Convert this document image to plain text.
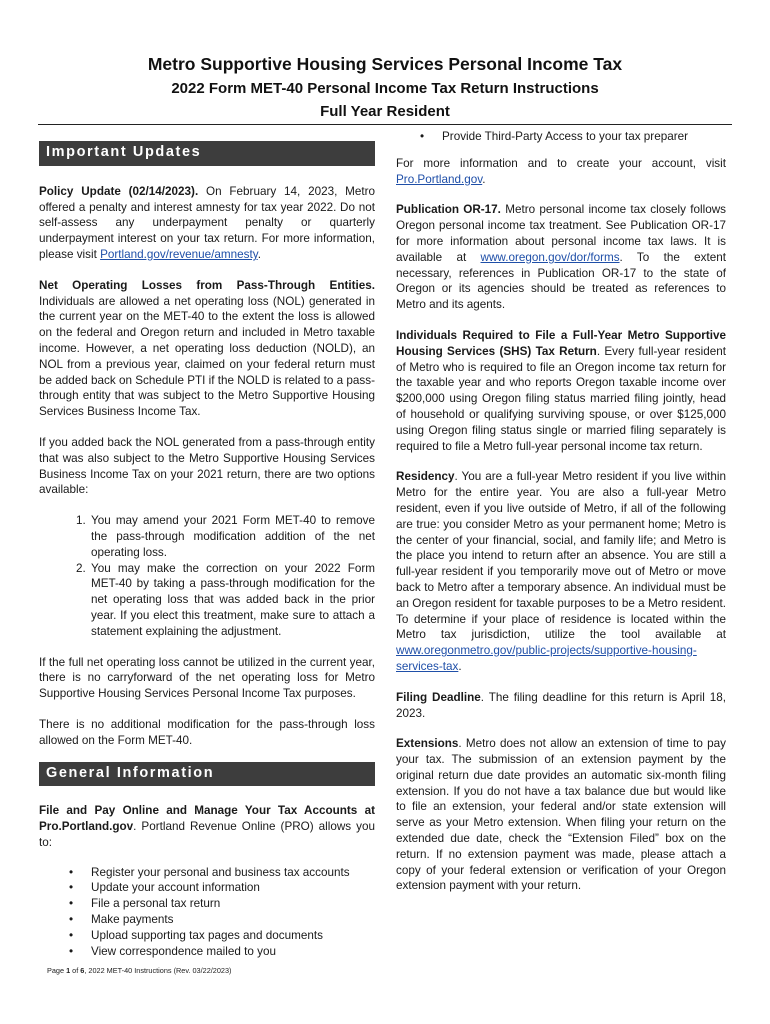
Metro Supportive Housing Services Personal Income Tax
2022 Form MET-40 Personal Income Tax Return Instructions
Full Year Resident
Important Updates

Policy Update (02/14/2023). On February 14, 2023, Metro offered a penalty and interest amnesty for tax year 2022. Do not self-assess any underpayment penalty or quarterly underpayment interest on your tax return. For more information, please visit Portland.gov/revenue/amnesty.

Net Operating Losses from Pass-Through Entities. Individuals are allowed a net operating loss (NOL) generated in the current year on the MET-40 to the extent the loss is allowed on the federal and Oregon return and included in Metro taxable income. However, a net operating loss deduction (NOLD), an NOL from a previous year, claimed on your federal return must be added back on Schedule PTI if the NOLD is related to a pass-through entity that was subject to the Metro Supportive Housing Services Business Income Tax.

If you added back the NOL generated from a pass-through entity that was also subject to the Metro Supportive Housing Services Business Income Tax on your 2021 return, there are two options available:

1. You may amend your 2021 Form MET-40 to remove the pass-through modification addition of the net operating loss.
2. You may make the correction on your 2022 Form MET-40 by taking a pass-through modification for the net operating loss that was added back in the prior year. If you elect this treatment, make sure to attach a statement explaining the adjustment.

If the full net operating loss cannot be utilized in the current year, there is no carryforward of the net operating loss for Metro Supportive Housing Services Personal Income Tax purposes.

There is no additional modification for the pass-through loss allowed on the Form MET-40.

General Information

File and Pay Online and Manage Your Tax Accounts at Pro.Portland.gov. Portland Revenue Online (PRO) allows you to:

• Register your personal and business tax accounts
• Update your account information
• File a personal tax return
• Make payments
• Upload supporting tax pages and documents
• View correspondence mailed to you
• Provide Third-Party Access to your tax preparer

For more information and to create your account, visit Pro.Portland.gov.

Publication OR-17. Metro personal income tax closely follows Oregon personal income tax treatment. See Publication OR-17 for more information about personal income tax laws. It is available at www.oregon.gov/dor/forms. To the extent necessary, references in Publication OR-17 to the state of Oregon or its agencies should be treated as references to Metro and its agents.

Individuals Required to File a Full-Year Metro Supportive Housing Services (SHS) Tax Return. Every full-year resident of Metro who is required to file an Oregon income tax return for the taxable year and who reports Oregon taxable income over $200,000 using Oregon filing status married filing jointly, head of household or qualifying surviving spouse, or over $125,000 using Oregon filing status single or married filing separately is required to file a Metro full-year personal income tax return.

Residency. You are a full-year Metro resident if you live within Metro for the entire year. You are also a full-year Metro resident, even if you live outside of Metro, if all of the following are true: you consider Metro as your permanent home; Metro is the center of your financial, social, and family life; and Metro is the place you intend to return after an absence. You are still a full-year resident if you temporarily move out of Metro or move back to Metro after a temporary absence. An individual must be an Oregon resident for taxable purposes to be a Metro resident. To determine if your place of residence is located within the Metro tax jurisdiction, utilize the tool available at www.oregonmetro.gov/public-projects/supportive-housing-services-tax.

Filing Deadline. The filing deadline for this return is April 18, 2023.

Extensions. Metro does not allow an extension of time to pay your tax. The submission of an extension payment by the original return due date provides an automatic six-month filing extension. If you do not have a tax balance due but would like to file an extension, your federal and/or state extension will serve as your Metro extension. When filing your return on the extended due date, check the “Extension Filed” box on the return. If no extension payment was made, please attach a copy of your federal extension or verification of your Oregon extension payment with your return.

Page 1 of 6, 2022 MET-40 Instructions (Rev. 03/22/2023)
